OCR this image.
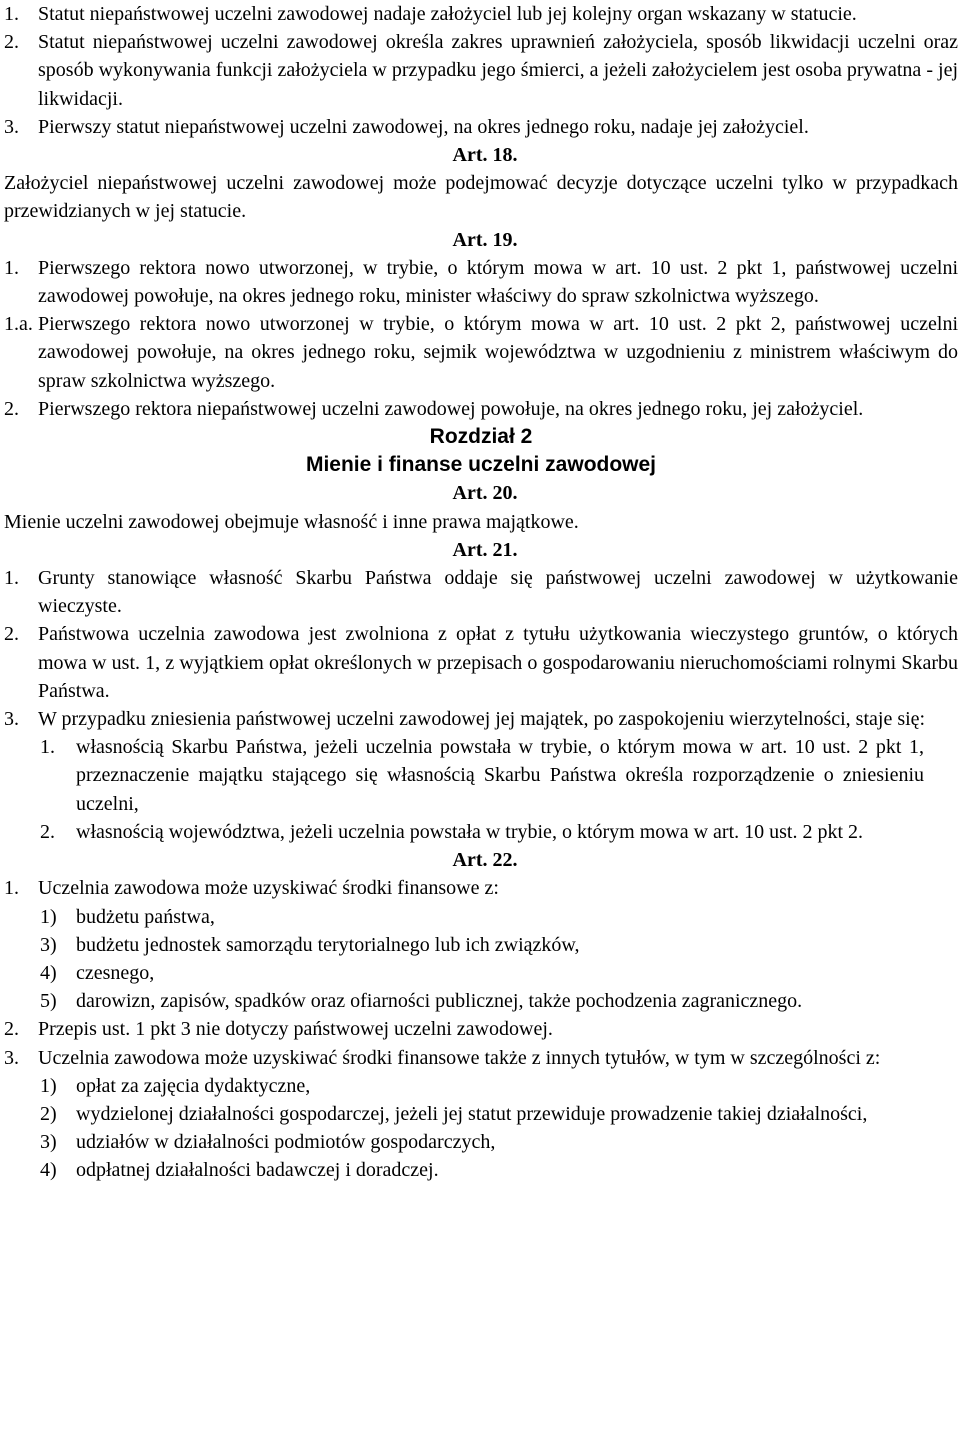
1. Statut niepaństwowej uczelni zawodowej nadaje założyciel lub jej kolejny organ wskazany w statucie.
2. Statut niepaństwowej uczelni zawodowej określa zakres uprawnień założyciela, sposób likwidacji uczelni oraz sposób wykonywania funkcji założyciela w przypadku jego śmierci, a jeżeli założycielem jest osoba prywatna - jej likwidacji.
3. Pierwszy statut niepaństwowej uczelni zawodowej, na okres jednego roku, nadaje jej założyciel.
Art. 18.
Założyciel niepaństwowej uczelni zawodowej może podejmować decyzje dotyczące uczelni tylko w przypadkach przewidzianych w jej statucie.
Art. 19.
1. Pierwszego rektora nowo utworzonej, w trybie, o którym mowa w art. 10 ust. 2 pkt 1, państwowej uczelni zawodowej powołuje, na okres jednego roku, minister właściwy do spraw szkolnictwa wyższego.
1.a. Pierwszego rektora nowo utworzonej w trybie, o którym mowa w art. 10 ust. 2 pkt 2, państwowej uczelni zawodowej powołuje, na okres jednego roku, sejmik województwa w uzgodnieniu z ministrem właściwym do spraw szkolnictwa wyższego.
2. Pierwszego rektora niepaństwowej uczelni zawodowej powołuje, na okres jednego roku, jej założyciel.
Rozdział 2
Mienie i finanse uczelni zawodowej
Art. 20.
Mienie uczelni zawodowej obejmuje własność i inne prawa majątkowe.
Art. 21.
1. Grunty stanowiące własność Skarbu Państwa oddaje się państwowej uczelni zawodowej w użytkowanie wieczyste.
2. Państwowa uczelnia zawodowa jest zwolniona z opłat z tytułu użytkowania wieczystego gruntów, o których mowa w ust. 1, z wyjątkiem opłat określonych w przepisach o gospodarowaniu nieruchomościami rolnymi Skarbu Państwa.
3. W przypadku zniesienia państwowej uczelni zawodowej jej majątek, po zaspokojeniu wierzytelności, staje się:
1.	własnością Skarbu Państwa, jeżeli uczelnia powstała w trybie, o którym mowa w art. 10 ust. 2 pkt 1, przeznaczenie majątku stającego się własnością Skarbu Państwa określa rozporządzenie o zniesieniu uczelni,
2.	własnością województwa, jeżeli uczelnia powstała w trybie, o którym mowa w art. 10 ust. 2 pkt 2.
Art. 22.
1. Uczelnia zawodowa może uzyskiwać środki finansowe z:
1) budżetu państwa,
3) budżetu jednostek samorządu terytorialnego lub ich związków,
4) czesnego,
5) darowizn, zapisów, spadków oraz ofiarności publicznej, także pochodzenia zagranicznego.
2. Przepis ust. 1 pkt 3 nie dotyczy państwowej uczelni zawodowej.
3. Uczelnia zawodowa może uzyskiwać środki finansowe także z innych tytułów, w tym w szczególności z:
1) opłat za zajęcia dydaktyczne,
2) wydzielonej działalności gospodarczej, jeżeli jej statut przewiduje prowadzenie takiej działalności,
3) udziałów w działalności podmiotów gospodarczych,
4) odpłatnej działalności badawczej i doradczej.
